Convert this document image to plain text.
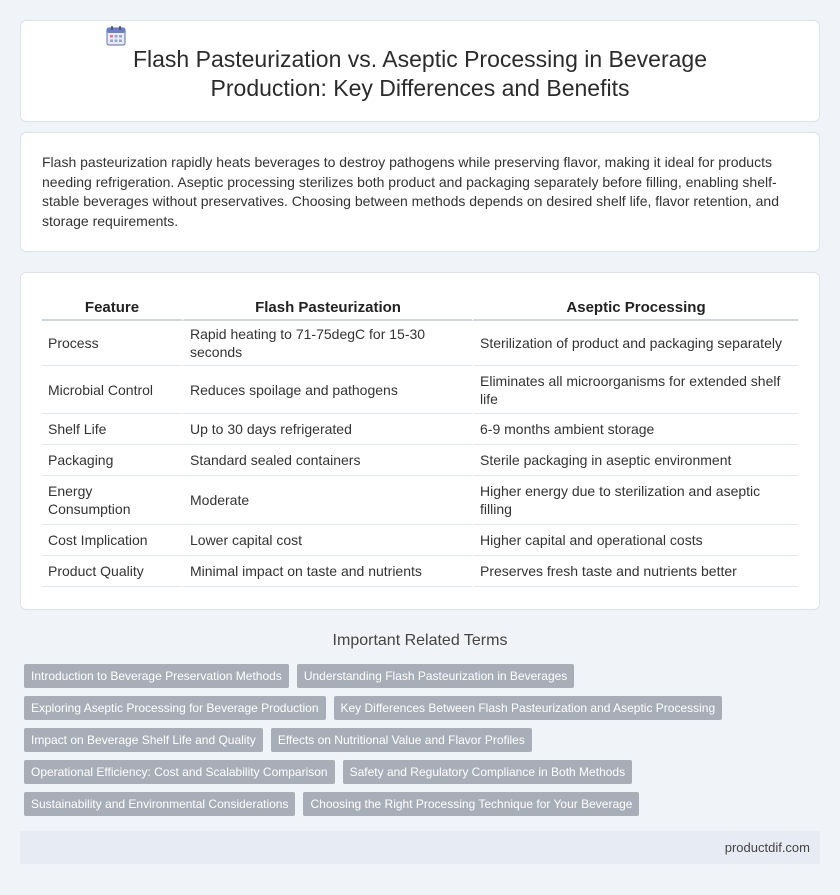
Flash Pasteurization vs. Aseptic Processing in Beverage Production: Key Differences and Benefits

Flash pasteurization rapidly heats beverages to destroy pathogens while preserving flavor, making it ideal for products needing refrigeration. Aseptic processing sterilizes both product and packaging separately before filling, enabling shelf-stable beverages without preservatives. Choosing between methods depends on desired shelf life, flavor retention, and storage requirements.

Feature	Flash Pasteurization	Aseptic Processing
Process	Rapid heating to 71-75degC for 15-30 seconds	Sterilization of product and packaging separately
Microbial Control	Reduces spoilage and pathogens	Eliminates all microorganisms for extended shelf life
Shelf Life	Up to 30 days refrigerated	6-9 months ambient storage
Packaging	Standard sealed containers	Sterile packaging in aseptic environment
Energy Consumption	Moderate	Higher energy due to sterilization and aseptic filling
Cost Implication	Lower capital cost	Higher capital and operational costs
Product Quality	Minimal impact on taste and nutrients	Preserves fresh taste and nutrients better
Important Related Terms
Introduction to Beverage Preservation Methods	Understanding Flash Pasteurization in Beverages
Exploring Aseptic Processing for Beverage Production	Key Differences Between Flash Pasteurization and Aseptic Processing
Impact on Beverage Shelf Life and Quality	Effects on Nutritional Value and Flavor Profiles
Operational Efficiency: Cost and Scalability Comparison	Safety and Regulatory Compliance in Both Methods
Sustainability and Environmental Considerations	Choosing the Right Processing Technique for Your Beverage
productdif.com
